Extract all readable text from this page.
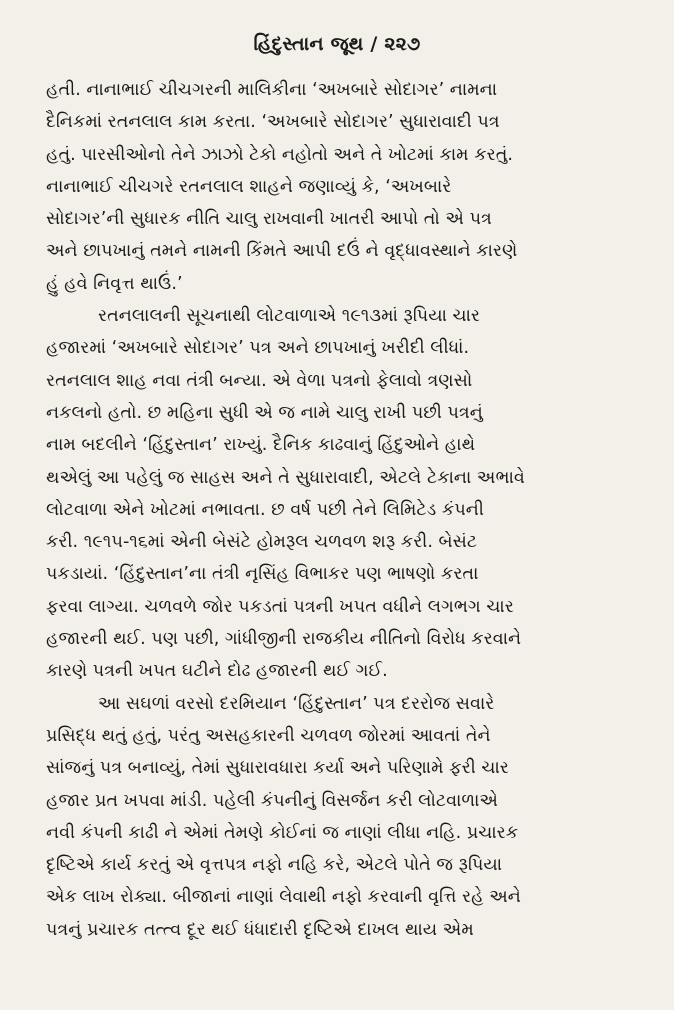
હિંદુસ્તાન જૂથ / ૨૨૭
હતી. નાનાભાઈ ચીચગરની માલિકીના ‘અખબારે સોદાગર’ નામના
દૈનિકમાં રતનલાલ કામ કરતા. ‘અખબારે સોદાગર’ સુધારાવાદી પત્ર
હતું. પારસીઓનો તેને ઝાઝો ટેકો નહોતો અને તે ખોટમાં કામ કરતું.
નાનાભાઈ ચીચગરે રતનલાલ શાહને જણાવ્યું કે, ‘અખબારે
સોદાગર’ની સુધારક નીતિ ચાલુ રાખવાની ખાતરી આપો તો એ પત્ર
અને છાપખાનું તમને નામની કિંમતે આપી દઉં ને વૃદ્ધાવસ્થાને કારણે
હું હવે નિવૃત્ત થાઉં.’
રતનલાલની સૂચનાથી લોટવાળાએ ૧૯૧૩માં રૂપિયા ચાર
હજારમાં ‘અખબારે સોદાગર’ પત્ર અને છાપખાનું ખરીદી લીધાં.
રતનલાલ શાહ નવા તંત્રી બન્યા. એ વેળા પત્રનો ફેલાવો ત્રણસો
નકલનો હતો. છ મહિના સુધી એ જ નામે ચાલુ રાખી પછી પત્રનું
નામ બદલીને ‘હિંદુસ્તાન’ રાખ્યું. દૈનિક કાઢવાનું હિંદુઓને હાથે
થએલું આ પહેલું જ સાહસ અને તે સુધારાવાદી, એટલે ટેકાના અભાવે
લોટવાળા એને ખોટમાં નભાવતા. છ વર્ષ પછી તેને લિમિટેડ કંપની
કરી. ૧૯૧૫-૧૬માં એની બેસંટે હોમરૂલ ચળવળ શરૂ કરી. બેસંટ
પકડાયાં. ‘હિંદુસ્તાન’ના તંત્રી નૃસિંહ વિભાકર પણ ભાષણો કરતા
ફરવા લાગ્યા. ચળવળે જોર પકડતાં પત્રની ખપત વધીને લગભગ ચાર
હજારની થઈ. પણ પછી, ગાંધીજીની રાજકીય નીતિનો વિરોધ કરવાને
કારણે પત્રની ખપત ઘટીને દોઢ હજારની થઈ ગઈ.
આ સઘળાં વરસો દરમિયાન ‘હિંદુસ્તાન’ પત્ર દરરોજ સવારે
પ્રસિદ્ધ થતું હતું, પરંતુ અસહકારની ચળવળ જોરમાં આવતાં તેને
સાંજનું પત્ર બનાવ્યું, તેમાં સુધારાવધારા કર્યા અને પરિણામે ફરી ચાર
હજાર પ્રત ખપવા માંડી. પહેલી કંપનીનું વિસર્જન કરી લોટવાળાએ
નવી કંપની કાઢી ને એમાં તેમણે કોઈનાં જ નાણાં લીધા નહિ. પ્રચારક
દૃષ્ટિએ કાર્ય કરતું એ વૃત્તપત્ર નફો નહિ કરે, એટલે પોતે જ રૂપિયા
એક લાખ રોક્યા. બીજાનાં નાણાં લેવાથી નફો કરવાની વૃત્તિ રહે અને
પત્રનું પ્રચારક તત્ત્વ દૂર થઈ ધંધાદારી દૃષ્ટિએ દાખલ થાય એમ
